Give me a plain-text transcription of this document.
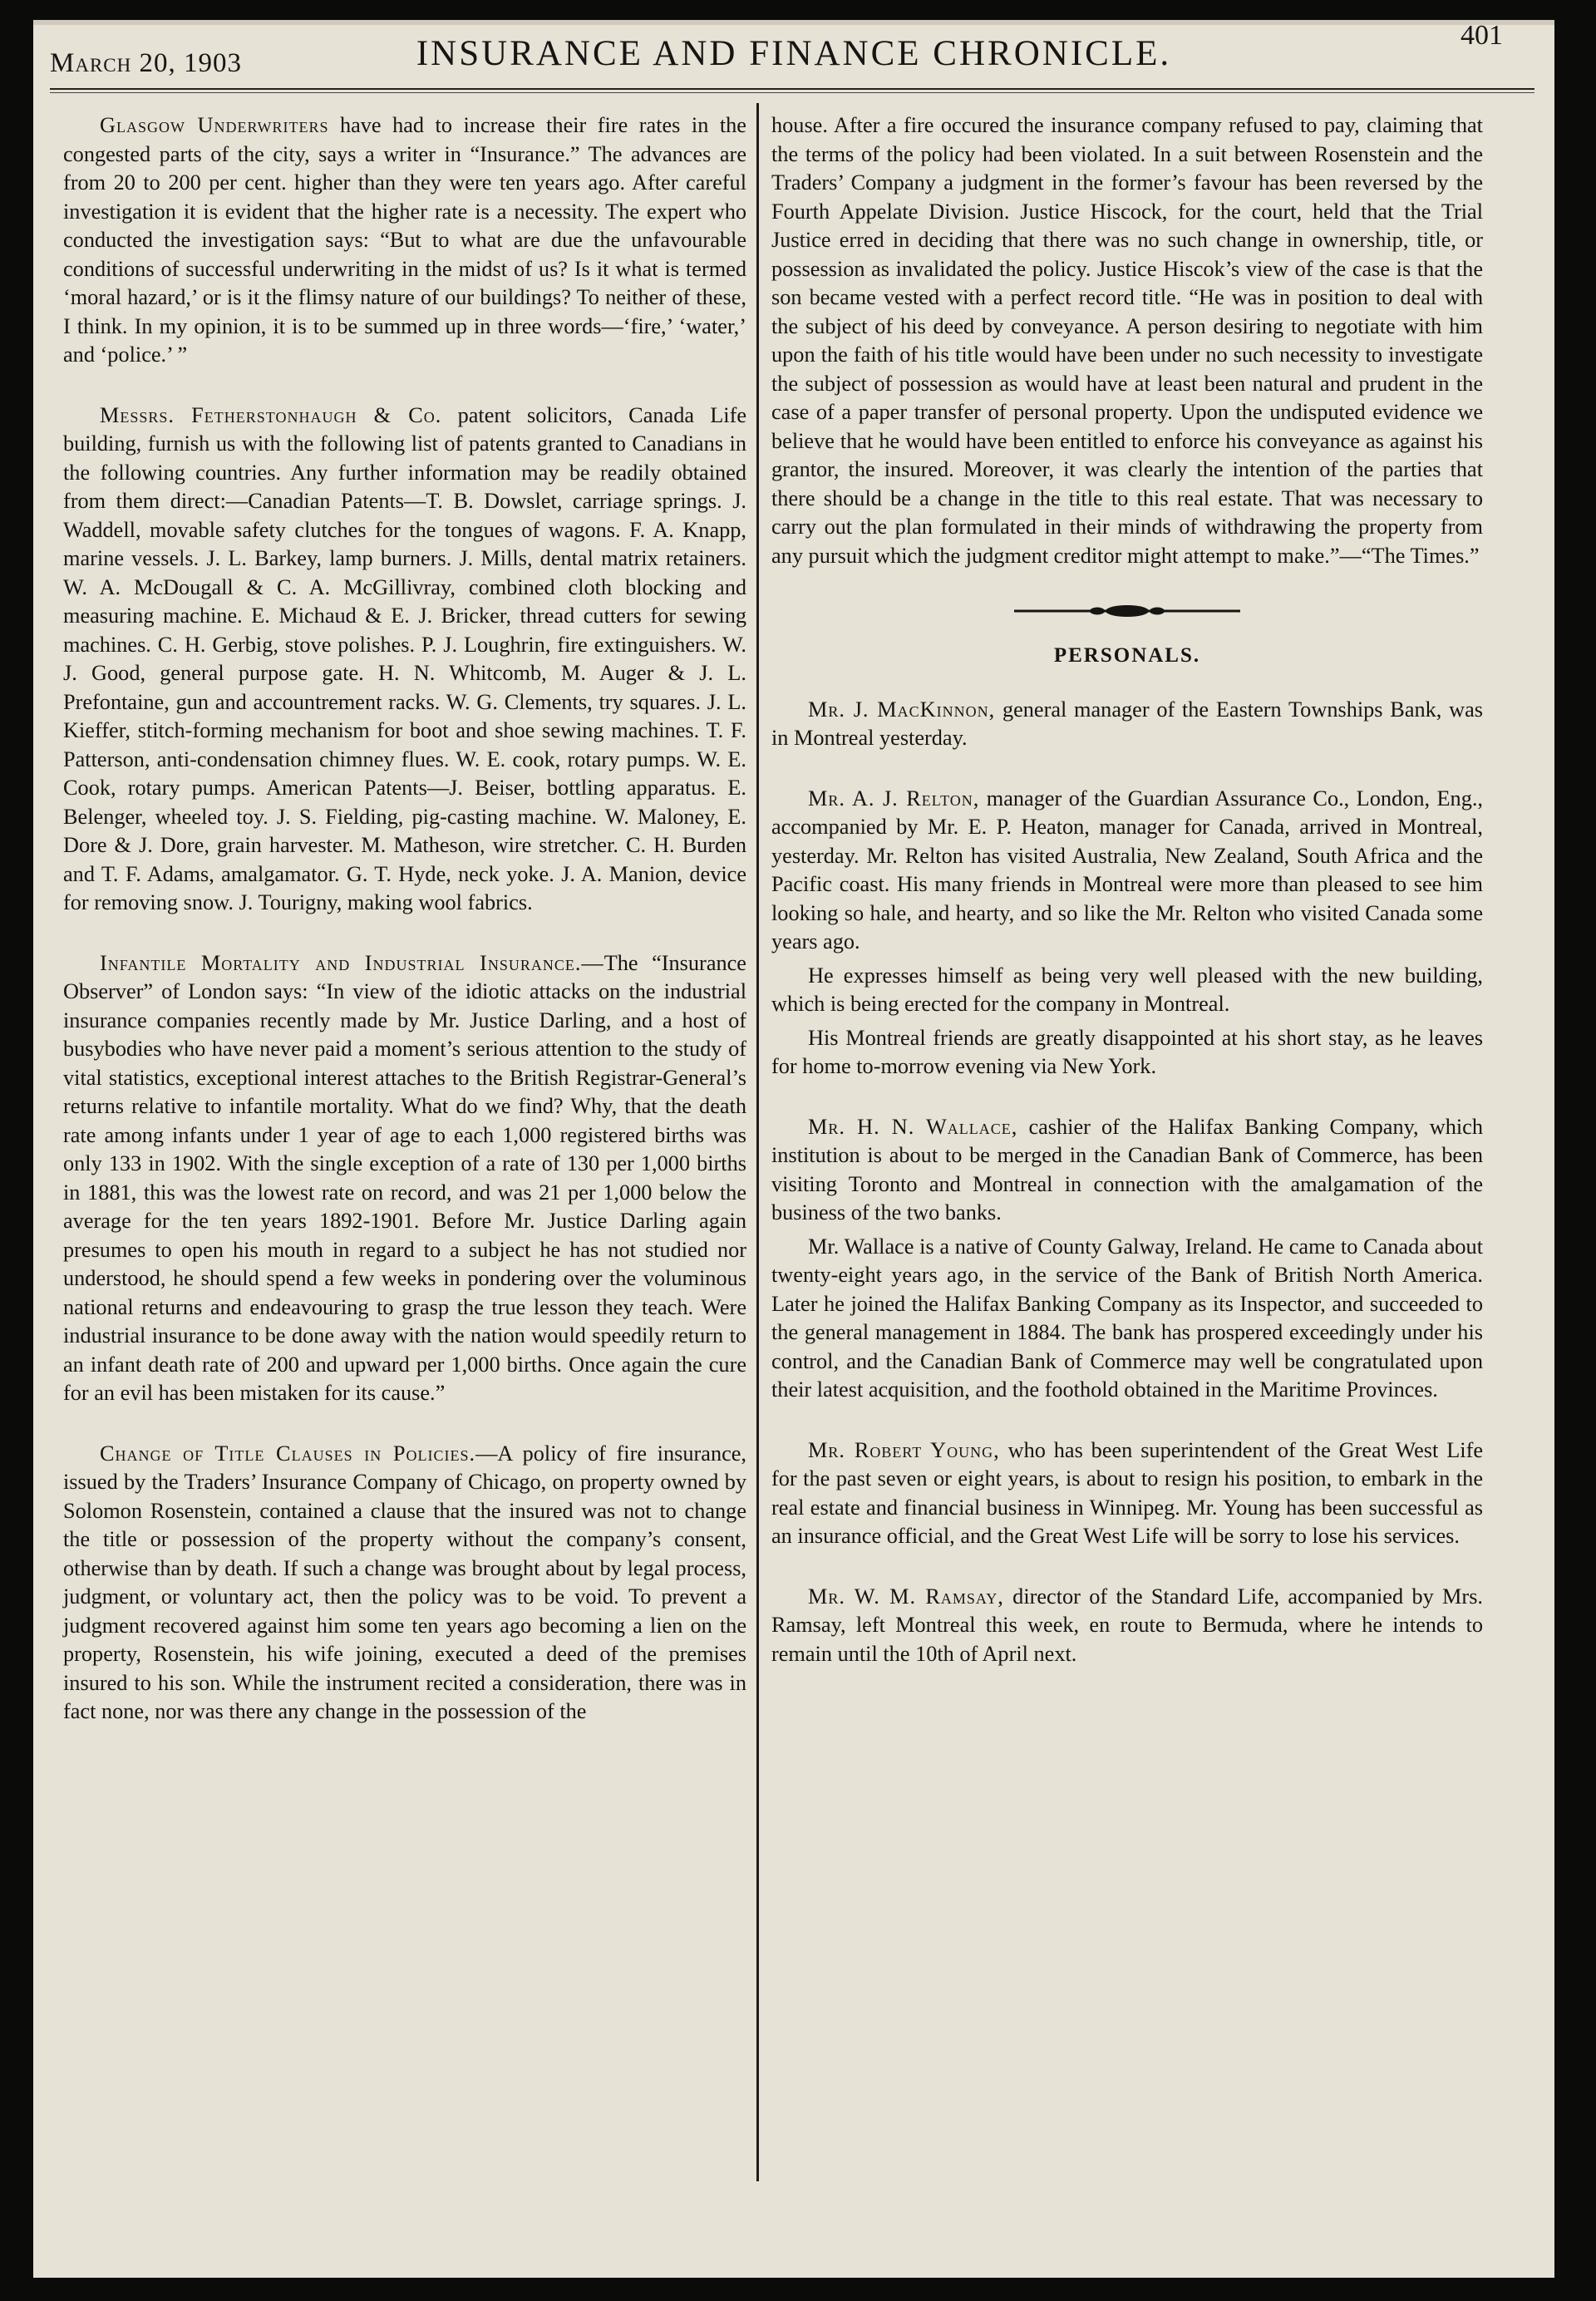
March 20, 1903	INSURANCE AND FINANCE CHRONICLE.	401

Glasgow Underwriters have had to increase their fire rates in the congested parts of the city, says a writer in “Insurance.” The advances are from 20 to 200 per cent. higher than they were ten years ago. After careful investigation it is evident that the higher rate is a necessity. The expert who conducted the investigation says: “But to what are due the unfavourable conditions of successful underwriting in the midst of us? Is it what is termed ‘moral hazard,’ or is it the flimsy nature of our buildings? To neither of these, I think. In my opinion, it is to be summed up in three words—‘fire,’ ‘water,’ and ‘police.’ ”

Messrs. Fetherstonhaugh & Co. patent solicitors, Canada Life building, furnish us with the following list of patents granted to Canadians in the following countries. Any further information may be readily obtained from them direct:—Canadian Patents—T. B. Dowslet, carriage springs. J. Waddell, movable safety clutches for the tongues of wagons. F. A. Knapp, marine vessels. J. L. Barkey, lamp burners. J. Mills, dental matrix retainers. W. A. McDougall & C. A. McGillivray, combined cloth blocking and measuring machine. E. Michaud & E. J. Bricker, thread cutters for sewing machines. C. H. Gerbig, stove polishes. P. J. Loughrin, fire extinguishers. W. J. Good, general purpose gate. H. N. Whitcomb, M. Auger & J. L. Prefontaine, gun and accountrement racks. W. G. Clements, try squares. J. L. Kieffer, stitch-forming mechanism for boot and shoe sewing machines. T. F. Patterson, anti-condensation chimney flues. W. E. cook, rotary pumps. W. E. Cook, rotary pumps. American Patents—J. Beiser, bottling apparatus. E. Belenger, wheeled toy. J. S. Fielding, pig-casting machine. W. Maloney, E. Dore & J. Dore, grain harvester. M. Matheson, wire stretcher. C. H. Burden and T. F. Adams, amalgamator. G. T. Hyde, neck yoke. J. A. Manion, device for removing snow. J. Tourigny, making wool fabrics.

Infantile Mortality and Industrial Insurance.—The “Insurance Observer” of London says: “In view of the idiotic attacks on the industrial insurance companies recently made by Mr. Justice Darling, and a host of busybodies who have never paid a moment’s serious attention to the study of vital statistics, exceptional interest attaches to the British Registrar-General’s returns relative to infantile mortality. What do we find? Why, that the death rate among infants under 1 year of age to each 1,000 registered births was only 133 in 1902. With the single exception of a rate of 130 per 1,000 births in 1881, this was the lowest rate on record, and was 21 per 1,000 below the average for the ten years 1892-1901. Before Mr. Justice Darling again presumes to open his mouth in regard to a subject he has not studied nor understood, he should spend a few weeks in pondering over the voluminous national returns and endeavouring to grasp the true lesson they teach. Were industrial insurance to be done away with the nation would speedily return to an infant death rate of 200 and upward per 1,000 births. Once again the cure for an evil has been mistaken for its cause.”

Change of Title Clauses in Policies.—A policy of fire insurance, issued by the Traders’ Insurance Company of Chicago, on property owned by Solomon Rosenstein, contained a clause that the insured was not to change the title or possession of the property without the company’s consent, otherwise than by death. If such a change was brought about by legal process, judgment, or voluntary act, then the policy was to be void. To prevent a judgment recovered against him some ten years ago becoming a lien on the property, Rosenstein, his wife joining, executed a deed of the premises insured to his son. While the instrument recited a consideration, there was in fact none, nor was there any change in the possession of the

house. After a fire occured the insurance company refused to pay, claiming that the terms of the policy had been violated. In a suit between Rosenstein and the Traders’ Company a judgment in the former’s favour has been reversed by the Fourth Appelate Division. Justice Hiscock, for the court, held that the Trial Justice erred in deciding that there was no such change in ownership, title, or possession as invalidated the policy. Justice Hiscok’s view of the case is that the son became vested with a perfect record title. “He was in position to deal with the subject of his deed by conveyance. A person desiring to negotiate with him upon the faith of his title would have been under no such necessity to investigate the subject of possession as would have at least been natural and prudent in the case of a paper transfer of personal property. Upon the undisputed evidence we believe that he would have been entitled to enforce his conveyance as against his grantor, the insured. Moreover, it was clearly the intention of the parties that there should be a change in the title to this real estate. That was necessary to carry out the plan formulated in their minds of withdrawing the property from any pursuit which the judgment creditor might attempt to make.”—“The Times.”

PERSONALS.

Mr. J. MacKinnon, general manager of the Eastern Townships Bank, was in Montreal yesterday.

Mr. A. J. Relton, manager of the Guardian Assurance Co., London, Eng., accompanied by Mr. E. P. Heaton, manager for Canada, arrived in Montreal, yesterday. Mr. Relton has visited Australia, New Zealand, South Africa and the Pacific coast. His many friends in Montreal were more than pleased to see him looking so hale, and hearty, and so like the Mr. Relton who visited Canada some years ago.

He expresses himself as being very well pleased with the new building, which is being erected for the company in Montreal.

His Montreal friends are greatly disappointed at his short stay, as he leaves for home to-morrow evening via New York.

Mr. H. N. Wallace, cashier of the Halifax Banking Company, which institution is about to be merged in the Canadian Bank of Commerce, has been visiting Toronto and Montreal in connection with the amalgamation of the business of the two banks.

Mr. Wallace is a native of County Galway, Ireland. He came to Canada about twenty-eight years ago, in the service of the Bank of British North America. Later he joined the Halifax Banking Company as its Inspector, and succeeded to the general management in 1884. The bank has prospered exceedingly under his control, and the Canadian Bank of Commerce may well be congratulated upon their latest acquisition, and the foothold obtained in the Maritime Provinces.

Mr. Robert Young, who has been superintendent of the Great West Life for the past seven or eight years, is about to resign his position, to embark in the real estate and financial business in Winnipeg. Mr. Young has been successful as an insurance official, and the Great West Life will be sorry to lose his services.

Mr. W. M. Ramsay, director of the Standard Life, accompanied by Mrs. Ramsay, left Montreal this week, en route to Bermuda, where he intends to remain until the 10th of April next.
